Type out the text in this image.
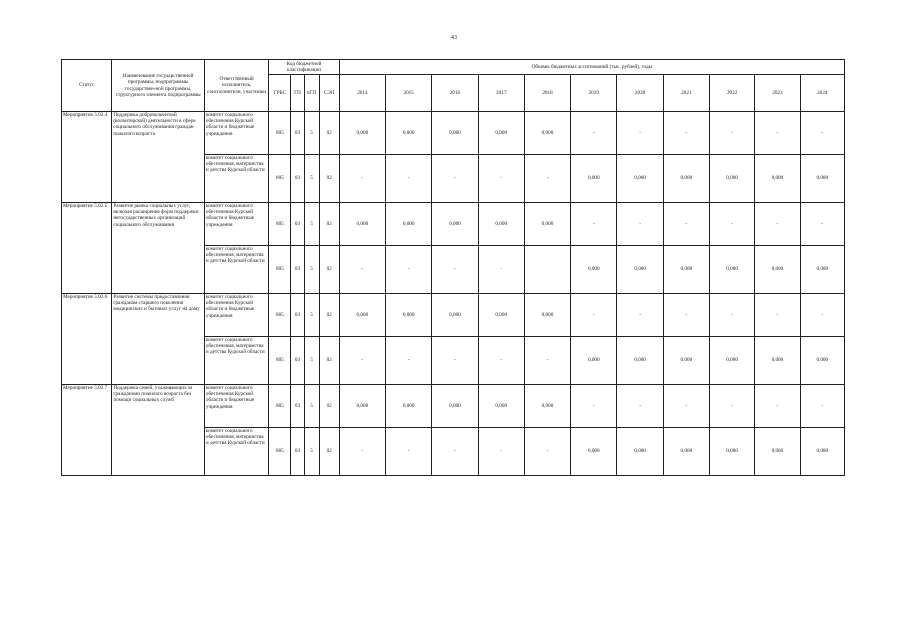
43
Статус	Наименование государственной программы, подпрограммы государствен-ной программы, структурного элемента подпрограммы	Ответственный исполнитель, соисполнители, участники	Код бюджетной классификации				Объемы бюджетных ассигнований (тыс. рублей), годы										
			ГРБС	ГП	пГП	СЭП	2014	2015	2016	2017	2018	2019	2020	2021	2022	2023	2024
Мероприятие 5.02.4	Поддержка добровольческой (волонтерской) деятельности в сфере социального обслуживания граждан пожилого возраста	комитет социального обеспечения Курской области и бюджетные учреждения	805	03	5	02	0,000	0,000	0,000	0,000	0,000	-	-	-	-	-	-
		комитет социального обеспечения, материнства и детства Курской области	805	03	5	02	-	-	-	-	-	0,000	0,000	0,000	0,000	0,000	0,000
Мероприятие 5.02.5	Развитие рынка социальных услуг, включая расширение форм поддержки негосударственных организаций социального обслуживания	комитет социального обеспечения Курской области и бюджетные учреждения	805	03	5	02	0,000	0,000	0,000	0,000	0,000	-	-	-	-	-	-
		комитет социального обеспечения, материнства и детства Курской области	805	03	5	02	-	-	-	-		0,000	0,000	0,000	0,000	0,000	0,000
Мероприятие 5.02.6	Развитие системы предоставления гражданам старшего поколения медицинских и бытовых услуг на дому	комитет социального обеспечения Курской области и бюджетные учреждения	805	03	5	02	0,000	0,000	0,000	0,000	0,000	-	-	-	-	-	-
		комитет социального обеспечения, материнства и детства Курской области	805	03	5	02	-	-	-	-	-	0,000	0,000	0,000	0,000	0,000	0,000
Мероприятие 5.02.7	Поддержка семей, ухаживающих за гражданами пожилого возраста без помощи социальных служб	комитет социального обеспечения Курской области и бюджетные учреждения	805	03	5	02	0,000	0,000	0,000	0,000	0,000	-	-	-	-	-	-
		комитет социального обеспечения, материнства и детства Курской области	805	03	5	02	-	-	-	-	-	0,000	0,000	0,000	0,000	0,000	0,000
